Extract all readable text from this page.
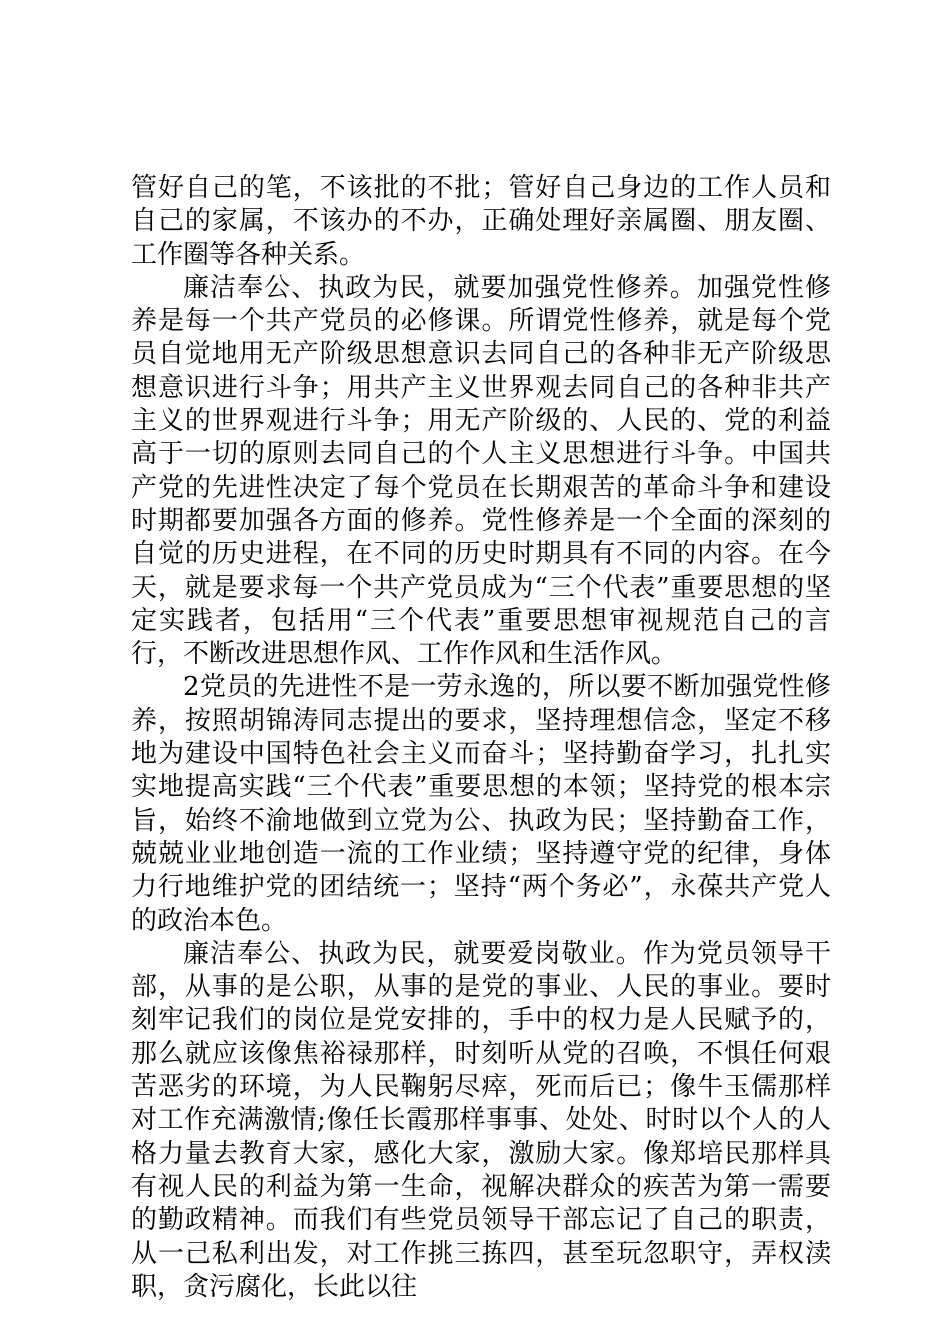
管好自己的笔，不该批的不批；管好自己身边的工作人员和自己的家属，不该办的不办，正确处理好亲属圈、朋友圈、工作圈等各种关系。

廉洁奉公、执政为民，就要加强党性修养。加强党性修养是每一个共产党员的必修课。所谓党性修养，就是每个党员自觉地用无产阶级思想意识去同自己的各种非无产阶级思想意识进行斗争；用共产主义世界观去同自己的各种非共产主义的世界观进行斗争；用无产阶级的、人民的、党的利益高于一切的原则去同自己的个人主义思想进行斗争。中国共产党的先进性决定了每个党员在长期艰苦的革命斗争和建设时期都要加强各方面的修养。党性修养是一个全面的深刻的自觉的历史进程，在不同的历史时期具有不同的内容。在今天，就是要求每一个共产党员成为“三个代表”重要思想的坚定实践者，包括用“三个代表”重要思想审视规范自己的言行，不断改进思想作风、工作作风和生活作风。

2党员的先进性不是一劳永逸的，所以要不断加强党性修养，按照胡锦涛同志提出的要求，坚持理想信念，坚定不移地为建设中国特色社会主义而奋斗；坚持勤奋学习，扎扎实实地提高实践“三个代表”重要思想的本领；坚持党的根本宗旨，始终不渝地做到立党为公、执政为民；坚持勤奋工作，兢兢业业地创造一流的工作业绩；坚持遵守党的纪律，身体力行地维护党的团结统一；坚持“两个务必”，永葆共产党人的政治本色。

廉洁奉公、执政为民，就要爱岗敬业。作为党员领导干部，从事的是公职，从事的是党的事业、人民的事业。要时刻牢记我们的岗位是党安排的，手中的权力是人民赋予的，那么就应该像焦裕禄那样，时刻听从党的召唤，不惧任何艰苦恶劣的环境，为人民鞠躬尽瘁，死而后已；像牛玉儒那样对工作充满激情;像任长霞那样事事、处处、时时以个人的人格力量去教育大家，感化大家，激励大家。像郑培民那样具有视人民的利益为第一生命，视解决群众的疾苦为第一需要的勤政精神。而我们有些党员领导干部忘记了自己的职责，从一己私利出发，对工作挑三拣四，甚至玩忽职守，弄权渎职，贪污腐化，长此以往
